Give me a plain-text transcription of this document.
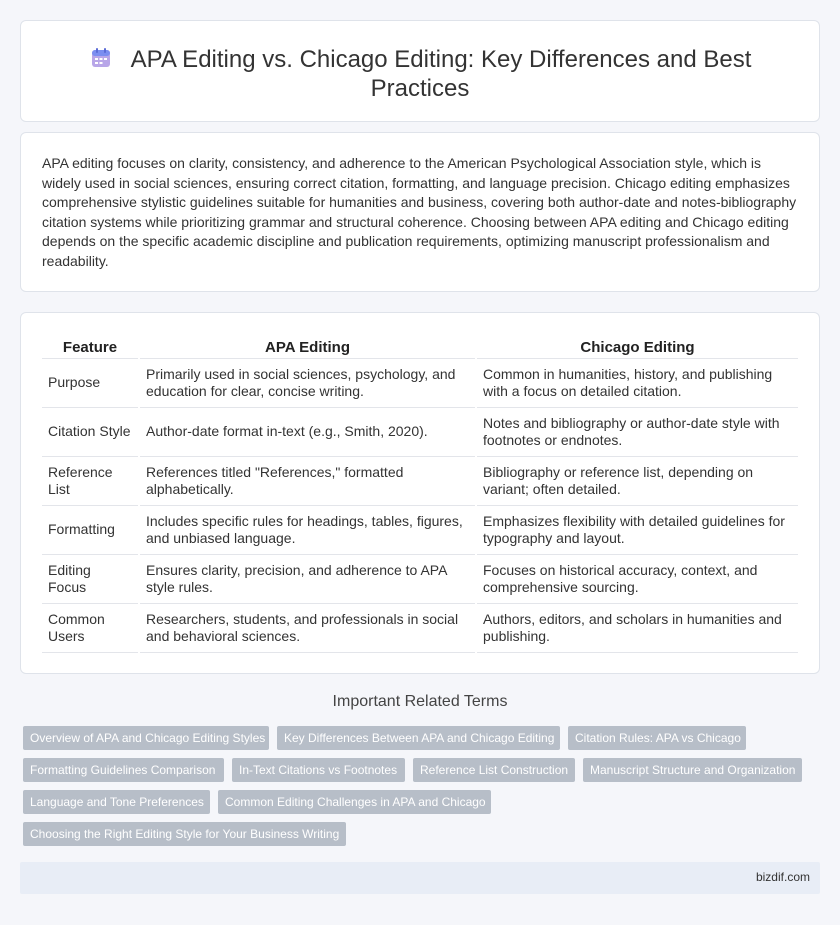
APA Editing vs. Chicago Editing: Key Differences and Best Practices

APA editing focuses on clarity, consistency, and adherence to the American Psychological Association style, which is widely used in social sciences, ensuring correct citation, formatting, and language precision. Chicago editing emphasizes comprehensive stylistic guidelines suitable for humanities and business, covering both author-date and notes-bibliography citation systems while prioritizing grammar and structural coherence. Choosing between APA editing and Chicago editing depends on the specific academic discipline and publication requirements, optimizing manuscript professionalism and readability.

Feature	APA Editing	Chicago Editing
Purpose	Primarily used in social sciences, psychology, and education for clear, concise writing.	Common in humanities, history, and publishing with a focus on detailed citation.
Citation Style	Author-date format in-text (e.g., Smith, 2020).	Notes and bibliography or author-date style with footnotes or endnotes.
Reference List	References titled "References," formatted alphabetically.	Bibliography or reference list, depending on variant; often detailed.
Formatting	Includes specific rules for headings, tables, figures, and unbiased language.	Emphasizes flexibility with detailed guidelines for typography and layout.
Editing Focus	Ensures clarity, precision, and adherence to APA style rules.	Focuses on historical accuracy, context, and comprehensive sourcing.
Common Users	Researchers, students, and professionals in social and behavioral sciences.	Authors, editors, and scholars in humanities and publishing.
Important Related Terms
Overview of APA and Chicago Editing Styles	Key Differences Between APA and Chicago Editing	Citation Rules: APA vs Chicago
Formatting Guidelines Comparison	In-Text Citations vs Footnotes	Reference List Construction	Manuscript Structure and Organization
Language and Tone Preferences	Common Editing Challenges in APA and Chicago
Choosing the Right Editing Style for Your Business Writing
bizdif.com
